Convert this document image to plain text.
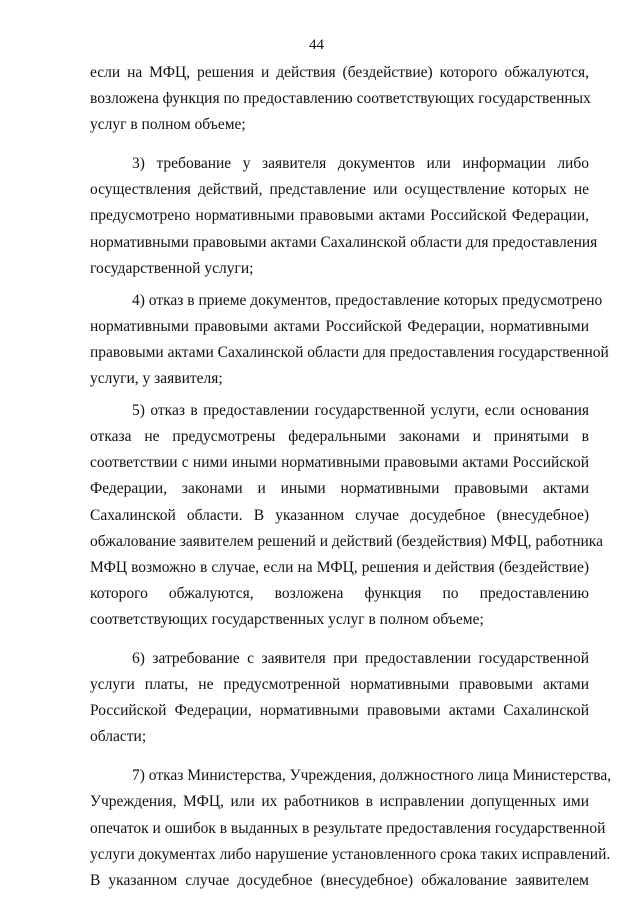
44
если на МФЦ, решения и действия (бездействие) которого обжалуются,
возложена функция по предоставлению соответствующих государственных
услуг в полном объеме;
3) требование у заявителя документов или информации либо
осуществления действий, представление или осуществление которых не
предусмотрено нормативными правовыми актами Российской Федерации,
нормативными правовыми актами Сахалинской области для предоставления
государственной услуги;
4) отказ в приеме документов, предоставление которых предусмотрено
нормативными правовыми актами Российской Федерации, нормативными
правовыми актами Сахалинской области для предоставления государственной
услуги, у заявителя;
5) отказ в предоставлении государственной услуги, если основания
отказа не предусмотрены федеральными законами и принятыми в
соответствии с ними иными нормативными правовыми актами Российской
Федерации, законами и иными нормативными правовыми актами
Сахалинской области. В указанном случае досудебное (внесудебное)
обжалование заявителем решений и действий (бездействия) МФЦ, работника
МФЦ возможно в случае, если на МФЦ, решения и действия (бездействие)
которого обжалуются, возложена функция по предоставлению
соответствующих государственных услуг в полном объеме;
6) затребование с заявителя при предоставлении государственной
услуги платы, не предусмотренной нормативными правовыми актами
Российской Федерации, нормативными правовыми актами Сахалинской
области;
7) отказ Министерства, Учреждения, должностного лица Министерства,
Учреждения, МФЦ, или их работников в исправлении допущенных ими
опечаток и ошибок в выданных в результате предоставления государственной
услуги документах либо нарушение установленного срока таких исправлений.
В указанном случае досудебное (внесудебное) обжалование заявителем
